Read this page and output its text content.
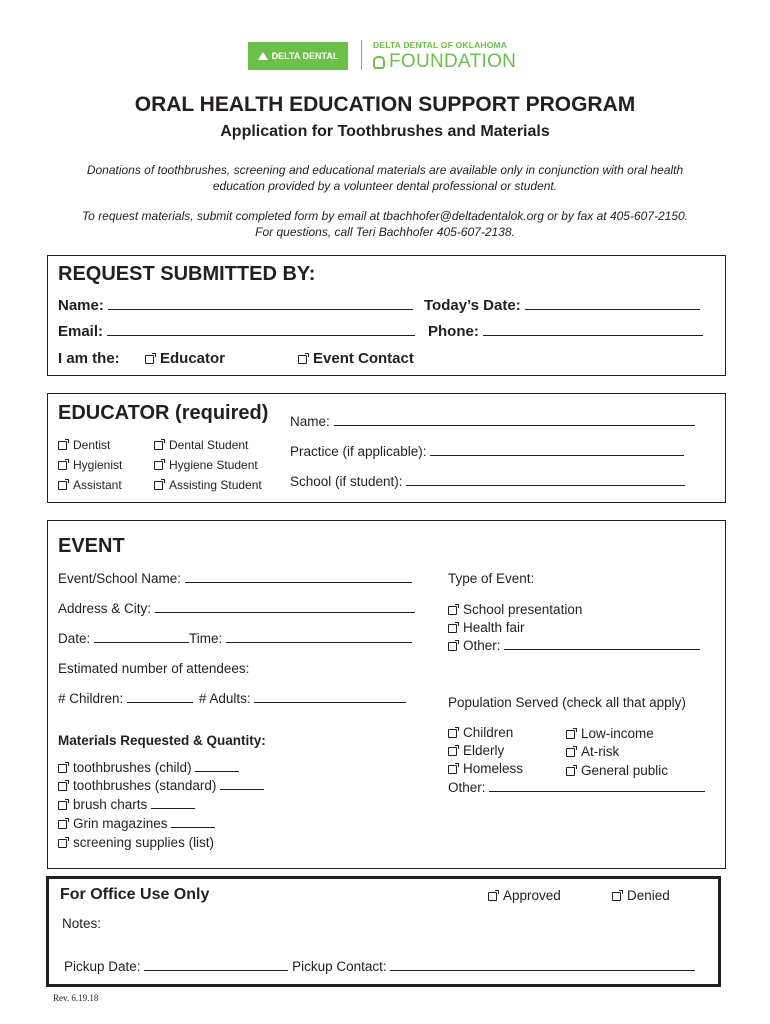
DELTA DENTAL
DELTA DENTAL OF OKLAHOMA
FOUNDATION
ORAL HEALTH EDUCATION SUPPORT PROGRAM
Application for Toothbrushes and Materials
Donations of toothbrushes, screening and educational materials are available only in conjunction with oral health
education provided by a volunteer dental professional or student.
To request materials, submit completed form by email at tbachhofer@deltadentalok.org or by fax at 405-607-2150.
For questions, call Teri Bachhofer 405-607-2138.
REQUEST SUBMITTED BY:
Name:	Today’s Date:
Email:	Phone:
I am the:	Educator	Event Contact
EDUCATOR (required)
Dentist
Hygienist
Assistant
Dental Student
Hygiene Student
Assisting Student
Name:
Practice (if applicable):
School (if student):
EVENT
Event/School Name:
Address & City:
Date:	Time:
Estimated number of attendees:
# Children:	# Adults:
Materials Requested & Quantity:
toothbrushes (child)
toothbrushes (standard)
brush charts
Grin magazines
screening supplies (list)
Type of Event:
School presentation
Health fair
Other:
Population Served (check all that apply)
Children
Elderly
Homeless
Low-income
At-risk
General public
Other:
For Office Use Only	Approved	Denied
Notes:
Pickup Date:	Pickup Contact:
Rev. 6.19.18
